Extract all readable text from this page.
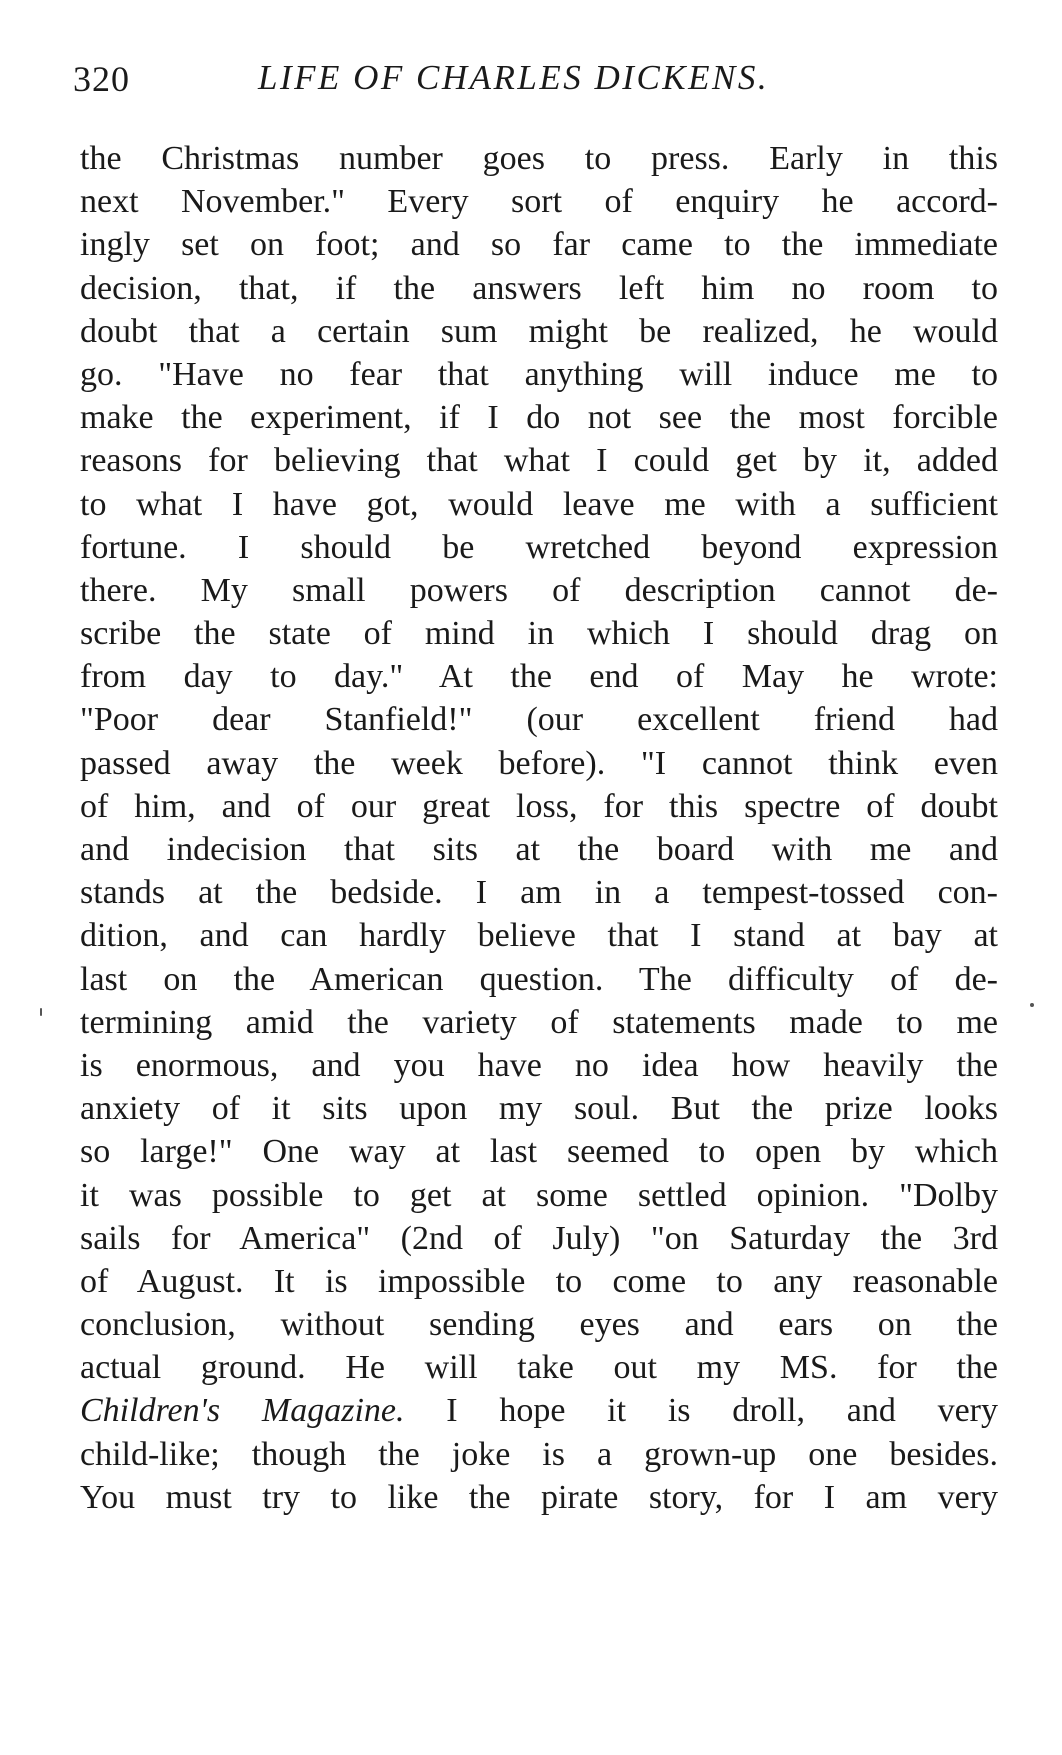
320	LIFE OF CHARLES DICKENS.
the Christmas number goes to press. Early in this
next November." Every sort of enquiry he accord-
ingly set on foot; and so far came to the immediate
decision, that, if the answers left him no room to
doubt that a certain sum might be realized, he would
go. "Have no fear that anything will induce me to
make the experiment, if I do not see the most forcible
reasons for believing that what I could get by it, added
to what I have got, would leave me with a sufficient
fortune. I should be wretched beyond expression
there. My small powers of description cannot de-
scribe the state of mind in which I should drag on
from day to day." At the end of May he wrote:
"Poor dear Stanfield!" (our excellent friend had
passed away the week before). "I cannot think even
of him, and of our great loss, for this spectre of doubt
and indecision that sits at the board with me and
stands at the bedside. I am in a tempest-tossed con-
dition, and can hardly believe that I stand at bay at
last on the American question. The difficulty of de-
termining amid the variety of statements made to me
is enormous, and you have no idea how heavily the
anxiety of it sits upon my soul. But the prize looks
so large!" One way at last seemed to open by which
it was possible to get at some settled opinion. "Dolby
sails for America" (2nd of July) "on Saturday the 3rd
of August. It is impossible to come to any reasonable
conclusion, without sending eyes and ears on the
actual ground. He will take out my MS. for the
Children's Magazine. I hope it is droll, and very
child-like; though the joke is a grown-up one besides.
You must try to like the pirate story, for I am very
